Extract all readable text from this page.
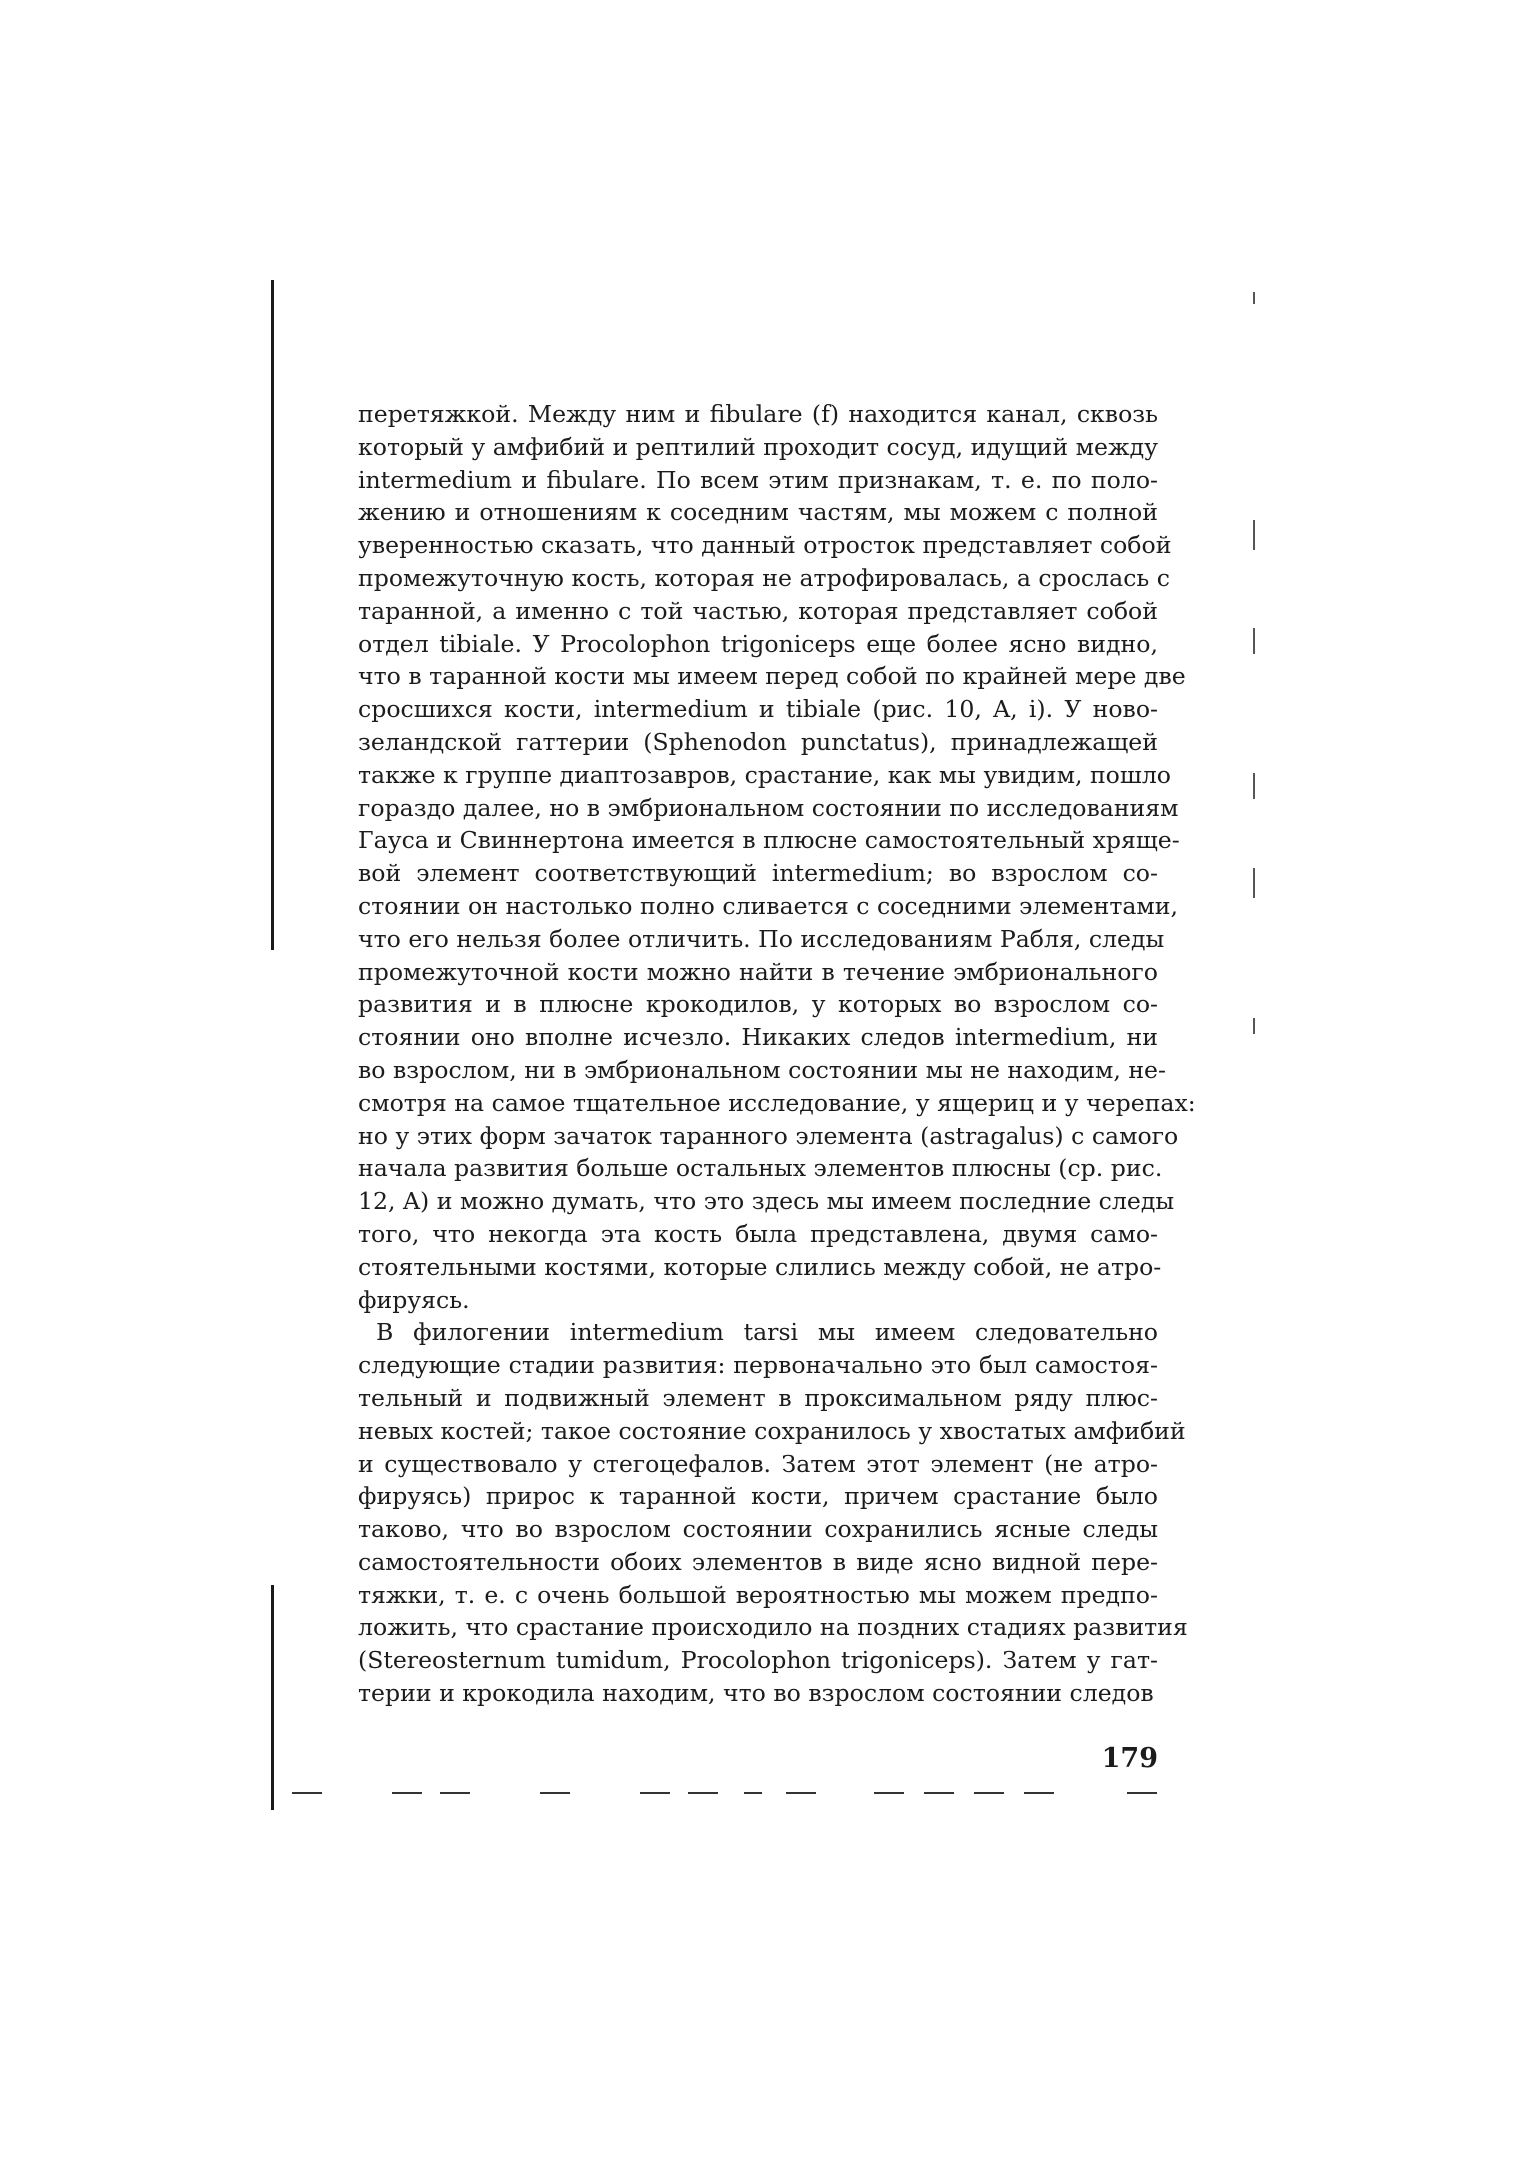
перетяжкой. Между ним и fibulare (f) находится канал, сквозь
который у амфибий и рептилий проходит сосуд, идущий между
intermedium и fibulare. По всем этим признакам, т. е. по поло-
жению и отношениям к соседним частям, мы можем с полной
уверенностью сказать, что данный отросток представляет собой
промежуточную кость, которая не атрофировалась, а срослась с
таранной, а именно с той частью, которая представляет собой
отдел tibiale. У Procolophon trigoniceps еще более ясно видно,
что в таранной кости мы имеем перед собой по крайней мере две
сросшихся кости, intermedium и tibiale (рис. 10, A, i). У ново-
зеландской гаттерии (Sphenodon punctatus), принадлежащей
также к группе диаптозавров, срастание, как мы увидим, пошло
гораздо далее, но в эмбриональном состоянии по исследованиям
Гауса и Свиннертона имеется в плюсне самостоятельный хряще-
вой элемент соответствующий intermedium; во взрослом со-
стоянии он настолько полно сливается с соседними элементами,
что его нельзя более отличить. По исследованиям Рабля, следы
промежуточной кости можно найти в течение эмбрионального
развития и в плюсне крокодилов, у которых во взрослом со-
стоянии оно вполне исчезло. Никаких следов intermedium, ни
во взрослом, ни в эмбриональном состоянии мы не находим, не-
смотря на самое тщательное исследование, у ящериц и у черепах:
но у этих форм зачаток таранного элемента (astragalus) с самого
начала развития больше остальных элементов плюсны (ср. рис.
12, A) и можно думать, что это здесь мы имеем последние следы
того, что некогда эта кость была представлена, двумя само-
стоятельными костями, которые слились между собой, не атро-
фируясь.
В филогении intermedium tarsi мы имеем следовательно
следующие стадии развития: первоначально это был самостоя-
тельный и подвижный элемент в проксимальном ряду плюс-
невых костей; такое состояние сохранилось у хвостатых амфибий
и существовало у стегоцефалов. Затем этот элемент (не атро-
фируясь) прирос к таранной кости, причем срастание было
таково, что во взрослом состоянии сохранились ясные следы
самостоятельности обоих элементов в виде ясно видной пере-
тяжки, т. е. с очень большой вероятностью мы можем предпо-
ложить, что срастание происходило на поздних стадиях развития
(Stereosternum tumidum, Procolophon trigoniceps). Затем у гат-
терии и крокодила находим, что во взрослом состоянии следов
179
